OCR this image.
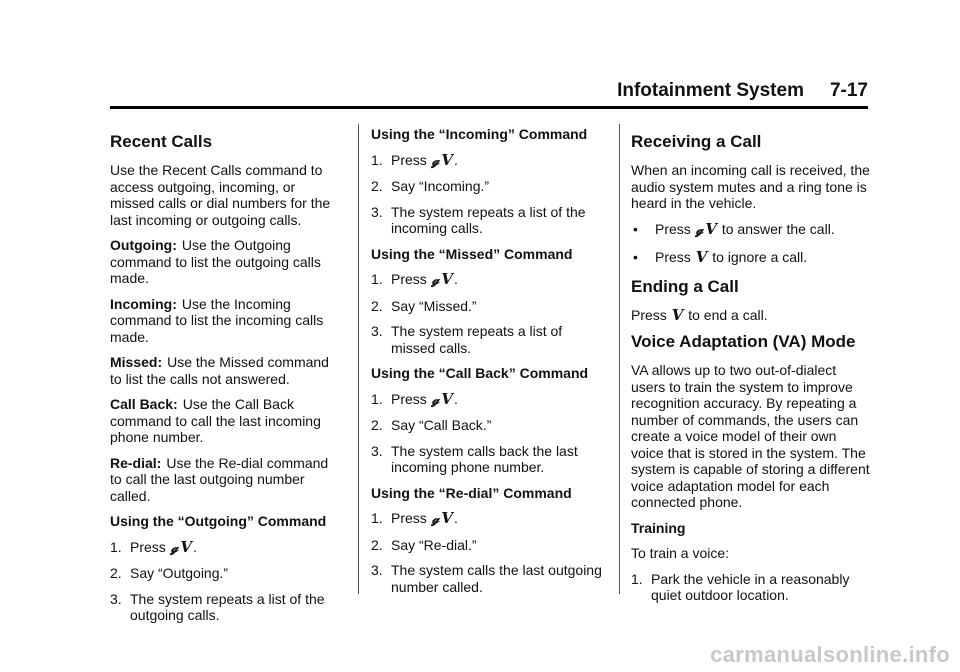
Infotainment System 7-17
Recent Calls

Use the Recent Calls command to access outgoing, incoming, or missed calls or dial numbers for the last incoming or outgoing calls.

Outgoing: Use the Outgoing command to list the outgoing calls made.

Incoming: Use the Incoming command to list the incoming calls made.

Missed: Use the Missed command to list the calls not answered.

Call Back: Use the Call Back command to call the last incoming phone number.

Re-dial: Use the Re-dial command to call the last outgoing number called.

Using the “Outgoing” Command
1. Press 𝓰 V.
2. Say “Outgoing.”
3. The system repeats a list of the outgoing calls.
Using the “Incoming” Command
1. Press 𝓰 V.
2. Say “Incoming.”
3. The system repeats a list of the incoming calls.
Using the “Missed” Command
1. Press 𝓰 V.
2. Say “Missed.”
3. The system repeats a list of missed calls.
Using the “Call Back” Command
1. Press 𝓰 V.
2. Say “Call Back.”
3. The system calls back the last incoming phone number.
Using the “Re-dial” Command
1. Press 𝓰 V.
2. Say “Re-dial.”
3. The system calls the last outgoing number called.
Receiving a Call

When an incoming call is received, the audio system mutes and a ring tone is heard in the vehicle.

• Press 𝓰 V to answer the call.
• Press V to ignore a call.
Ending a Call

Press V to end a call.

Voice Adaptation (VA) Mode

VA allows up to two out-of-dialect users to train the system to improve recognition accuracy. By repeating a number of commands, the users can create a voice model of their own voice that is stored in the system. The system is capable of storing a different voice adaptation model for each connected phone.

Training

To train a voice:

1. Park the vehicle in a reasonably quiet outdoor location.
carmanualsonline.info
